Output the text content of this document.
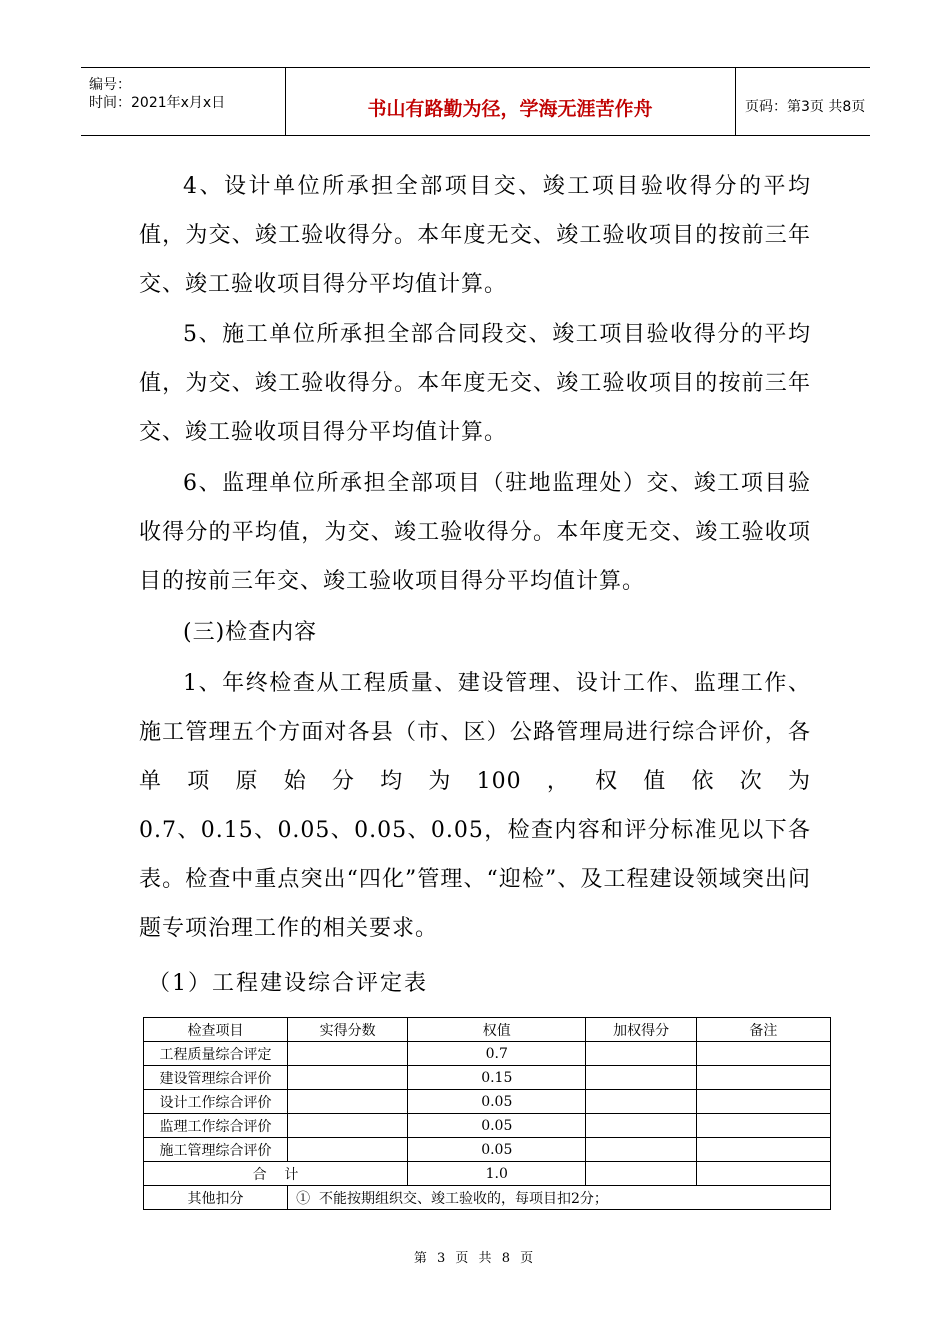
编号：
时间：2021年x月x日	书山有路勤为径，学海无涯苦作舟	页码：第3页 共8页

4、设计单位所承担全部项目交、竣工项目验收得分的平均值，为交、竣工验收得分。本年度无交、竣工验收项目的按前三年交、竣工验收项目得分平均值计算。

5、施工单位所承担全部合同段交、竣工项目验收得分的平均值，为交、竣工验收得分。本年度无交、竣工验收项目的按前三年交、竣工验收项目得分平均值计算。

6、监理单位所承担全部项目（驻地监理处）交、竣工项目验收得分的平均值，为交、竣工验收得分。本年度无交、竣工验收项目的按前三年交、竣工验收项目得分平均值计算。

(三)检查内容

1、年终检查从工程质量、建设管理、设计工作、监理工作、施工管理五个方面对各县（市、区）公路管理局进行综合评价，各单项原始分均为100，权值依次为

0.7、0.15、0.05、0.05、0.05，检查内容和评分标准见以下各表。检查中重点突出“四化”管理、“迎检”、及工程建设领域突出问题专项治理工作的相关要求。

（1）工程建设综合评定表
检查项目	实得分数	权值	加权得分	备注
工程质量综合评定		0.7		
建设管理综合评价		0.15		
设计工作综合评价		0.05		
监理工作综合评价		0.05		
施工管理综合评价		0.05		
合    计		1.0		
其他扣分	①  不能按期组织交、竣工验收的，每项目扣2分；			
第 3 页 共 8 页
